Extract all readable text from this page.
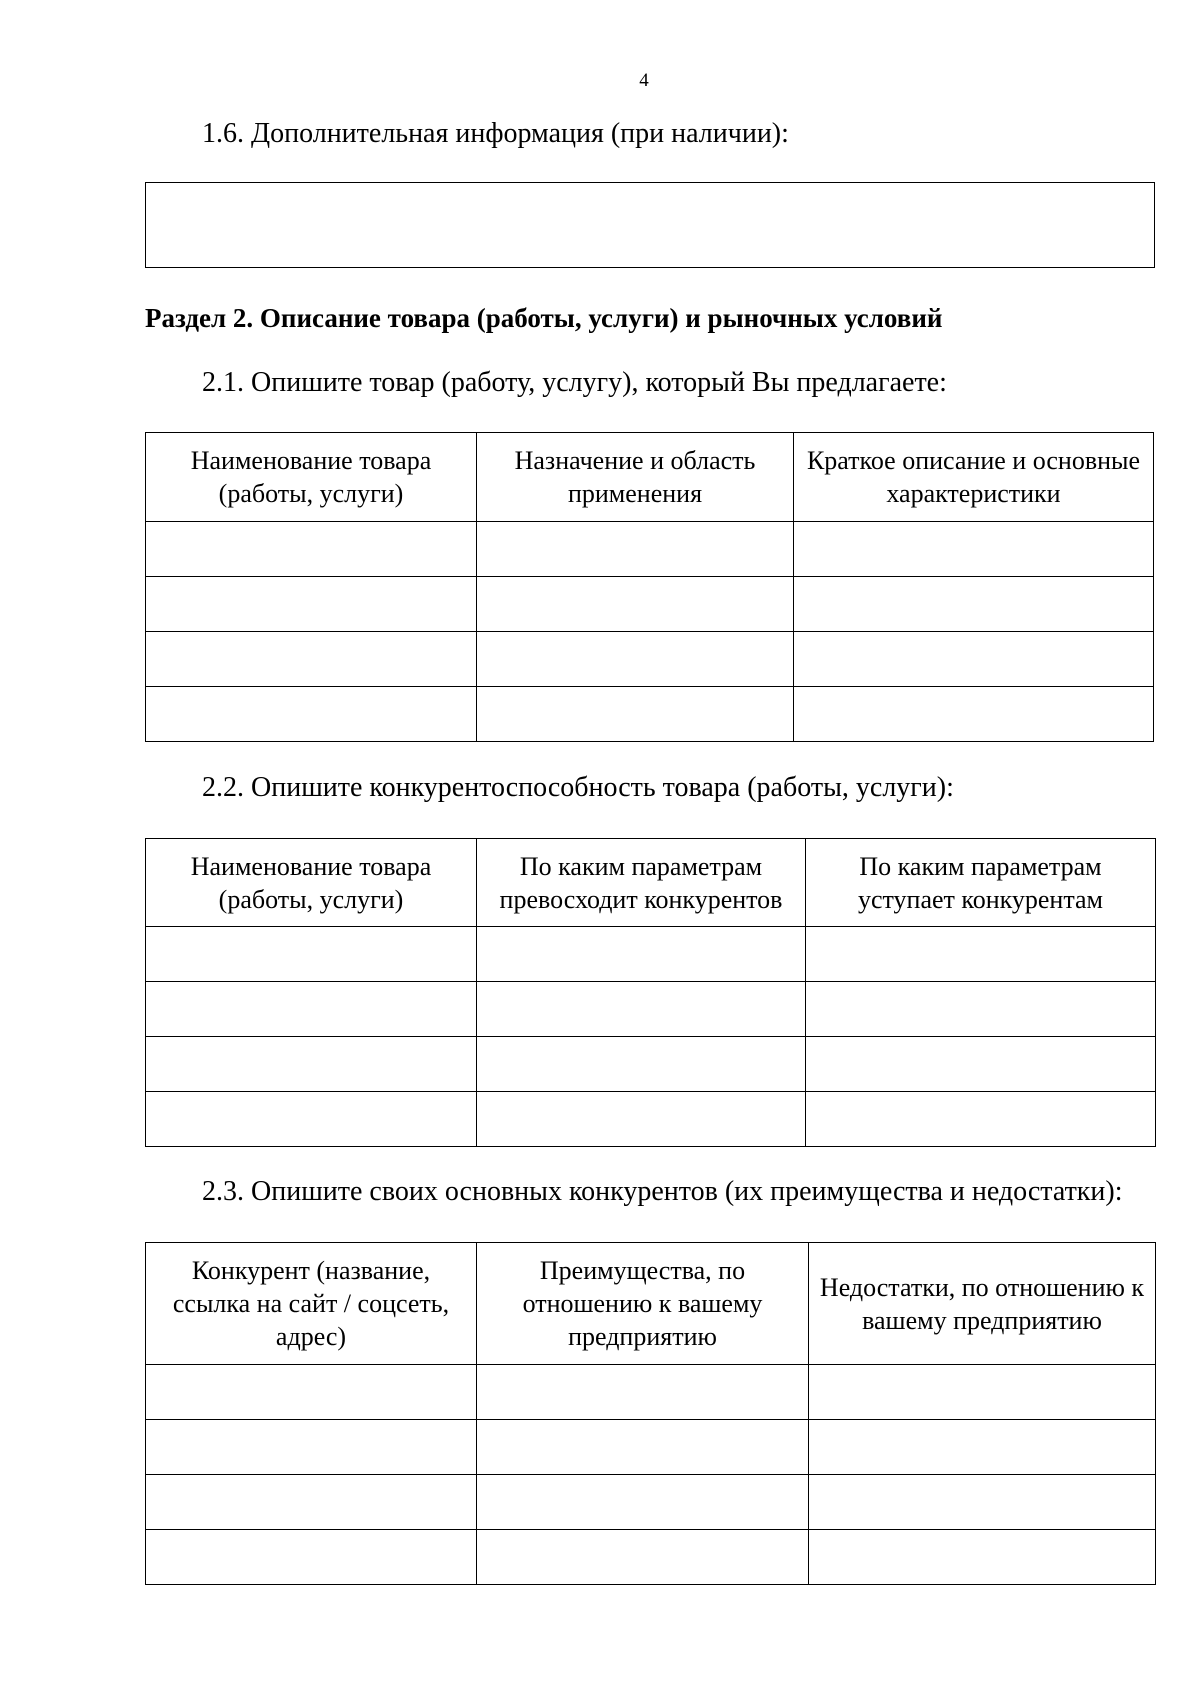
4
1.6. Дополнительная информация (при наличии):
Раздел 2. Описание товара (работы, услуги) и рыночных условий
2.1. Опишите товар (работу, услугу), который Вы предлагаете:
Наименование товара (работы, услуги)	Назначение и область применения	Краткое описание и основные характеристики

2.2. Опишите конкурентоспособность товара (работы, услуги):
Наименование товара (работы, услуги)	По каким параметрам превосходит конкурентов	По каким параметрам уступает конкурентам

2.3. Опишите своих основных конкурентов (их преимущества и недостатки):
Конкурент (название, ссылка на сайт / соцсеть, адрес)	Преимущества, по отношению к вашему предприятию	Недостатки, по отношению к вашему предприятию
